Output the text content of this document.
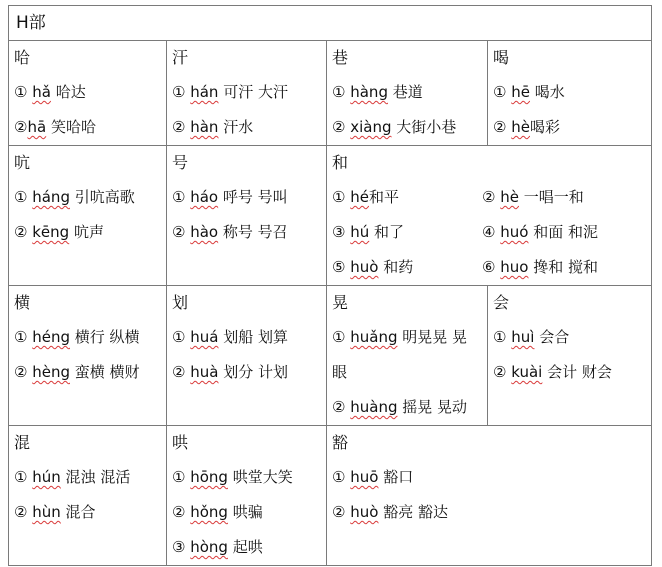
H部			

哈
① hǎ 哈达
②hā 笑哈哈	汗
① hán 可汗 大汗
② hàn 汗水	巷
① hàng 巷道
② xiàng 大街小巷	喝
① hē 喝水
② hè喝彩

吭
① háng 引吭高歌
② kēng 吭声	号
① háo 呼号 号叫
② hào 称号 号召	和
① hé和平 ② hè 一唱一和
③ hú 和了 ④ huó 和面 和泥
⑤ huò 和药 ⑥ huo 搀和 搅和	

横
① héng 横行 纵横
② hèng 蛮横 横财	划
① huá 划船 划算
② huà 划分 计划	晃
① huǎng 明晃晃 晃
眼
② huàng 摇晃 晃动	会
① huì 会合
② kuài 会计 财会

混
① hún 混浊 混活
② hùn 混合	哄
① hōng 哄堂大笑
② hǒng 哄骗
③ hòng 起哄	豁
① huō 豁口
② huò 豁亮 豁达	
